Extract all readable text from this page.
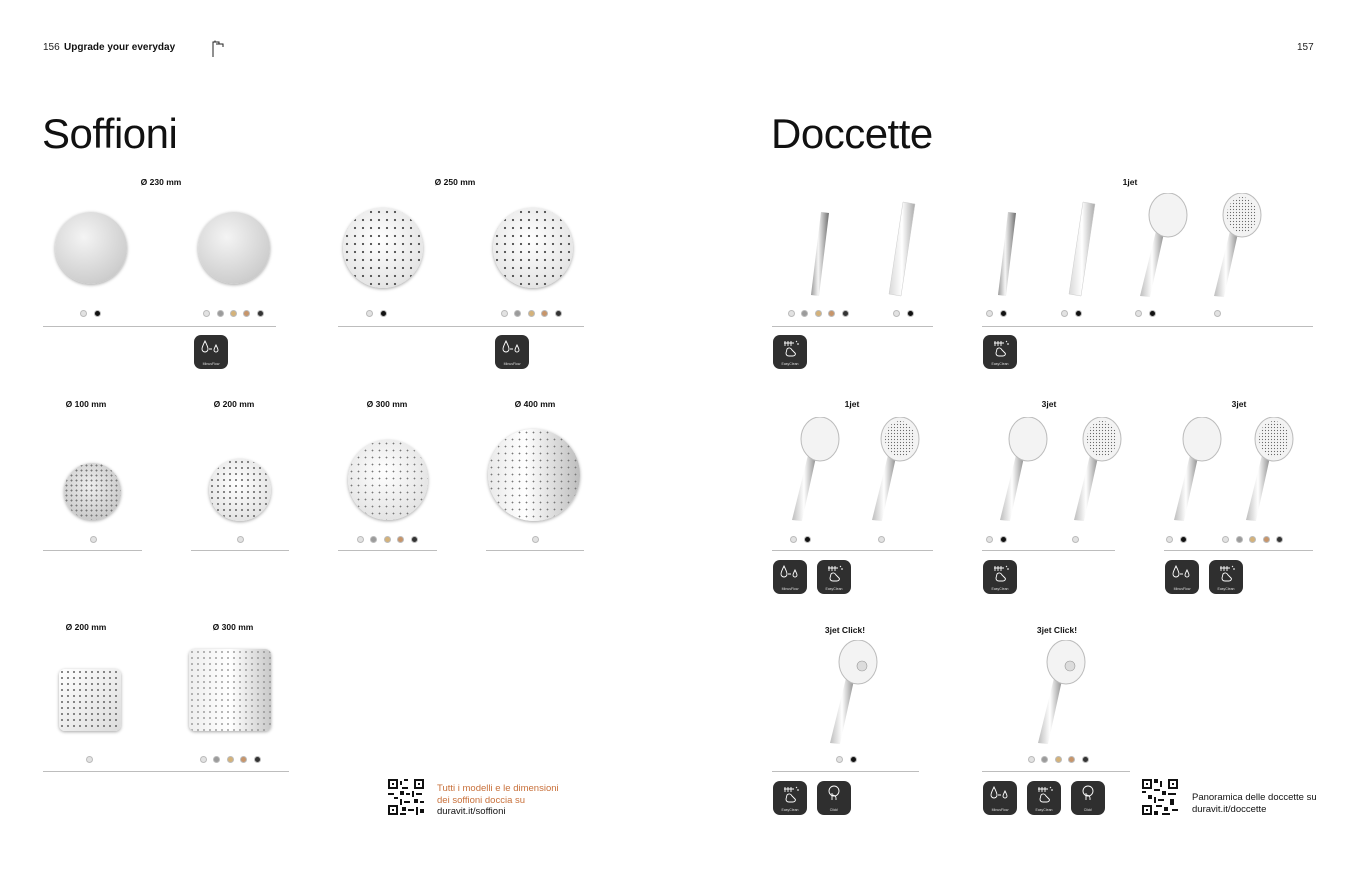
156 Upgrade your everyday	157
Soffioni
Ø 230 mm	Ø 250 mm
MinusFlow	MinusFlow
Ø 100 mm	Ø 200 mm	Ø 300 mm	Ø 400 mm
Ø 200 mm	Ø 300 mm
Tutti i modelli e le dimensioni
dei soffioni doccia su
duravit.it/soffioni
Doccette
1jet
EasyClean	EasyClean
1jet	3jet	3jet
MinusFlow	EasyClean	EasyClean	MinusFlow	EasyClean
3jet Click!	3jet Click!
EasyClean	Click!	MinusFlow	EasyClean	Click!
Panoramica delle doccette su
duravit.it/doccette
